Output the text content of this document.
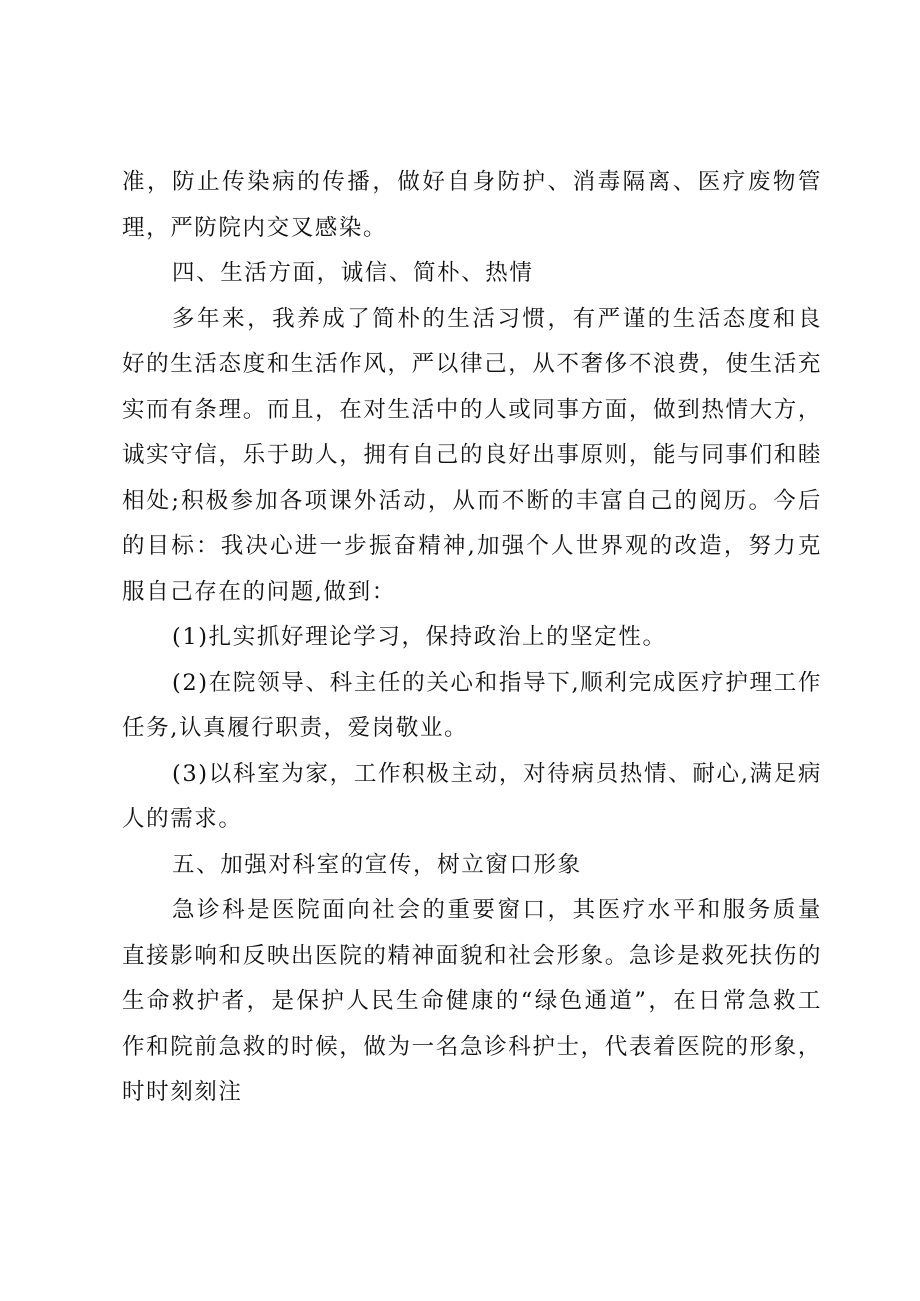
准，防止传染病的传播，做好自身防护、消毒隔离、医疗废物管理，严防院内交叉感染。

四、生活方面，诚信、简朴、热情

多年来，我养成了简朴的生活习惯，有严谨的生活态度和良好的生活态度和生活作风，严以律己，从不奢侈不浪费，使生活充实而有条理。而且，在对生活中的人或同事方面，做到热情大方，诚实守信，乐于助人，拥有自己的良好出事原则，能与同事们和睦相处;积极参加各项课外活动，从而不断的丰富自己的阅历。今后的目标：我决心进一步振奋精神,加强个人世界观的改造，努力克服自己存在的问题,做到：

(1)扎实抓好理论学习，保持政治上的坚定性。

(2)在院领导、科主任的关心和指导下,顺利完成医疗护理工作任务,认真履行职责，爱岗敬业。

(3)以科室为家，工作积极主动，对待病员热情、耐心,满足病人的需求。

五、加强对科室的宣传，树立窗口形象

急诊科是医院面向社会的重要窗口，其医疗水平和服务质量直接影响和反映出医院的精神面貌和社会形象。急诊是救死扶伤的生命救护者，是保护人民生命健康的“绿色通道”，在日常急救工作和院前急救的时候，做为一名急诊科护士，代表着医院的形象，时时刻刻注
